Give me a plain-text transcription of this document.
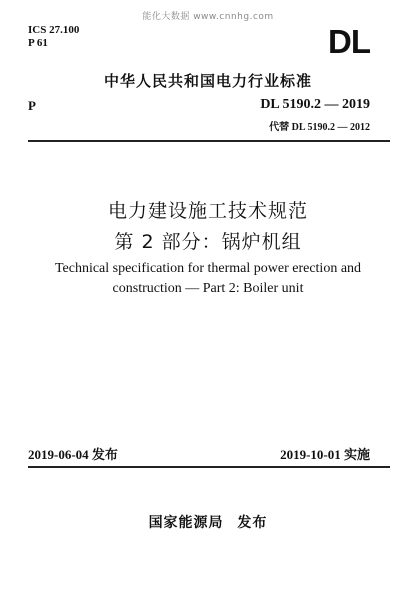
能化大数据 www.cnnhg.com
ICS 27.100
P 61	DL
中华人民共和国电力行业标准
P	DL 5190.2 — 2019
代替 DL 5190.2 — 2012
电力建设施工技术规范
第 2 部分：锅炉机组
Technical specification for thermal power erection and
construction — Part 2: Boiler unit
2019-06-04 发布	2019-10-01 实施
国家能源局 发布
